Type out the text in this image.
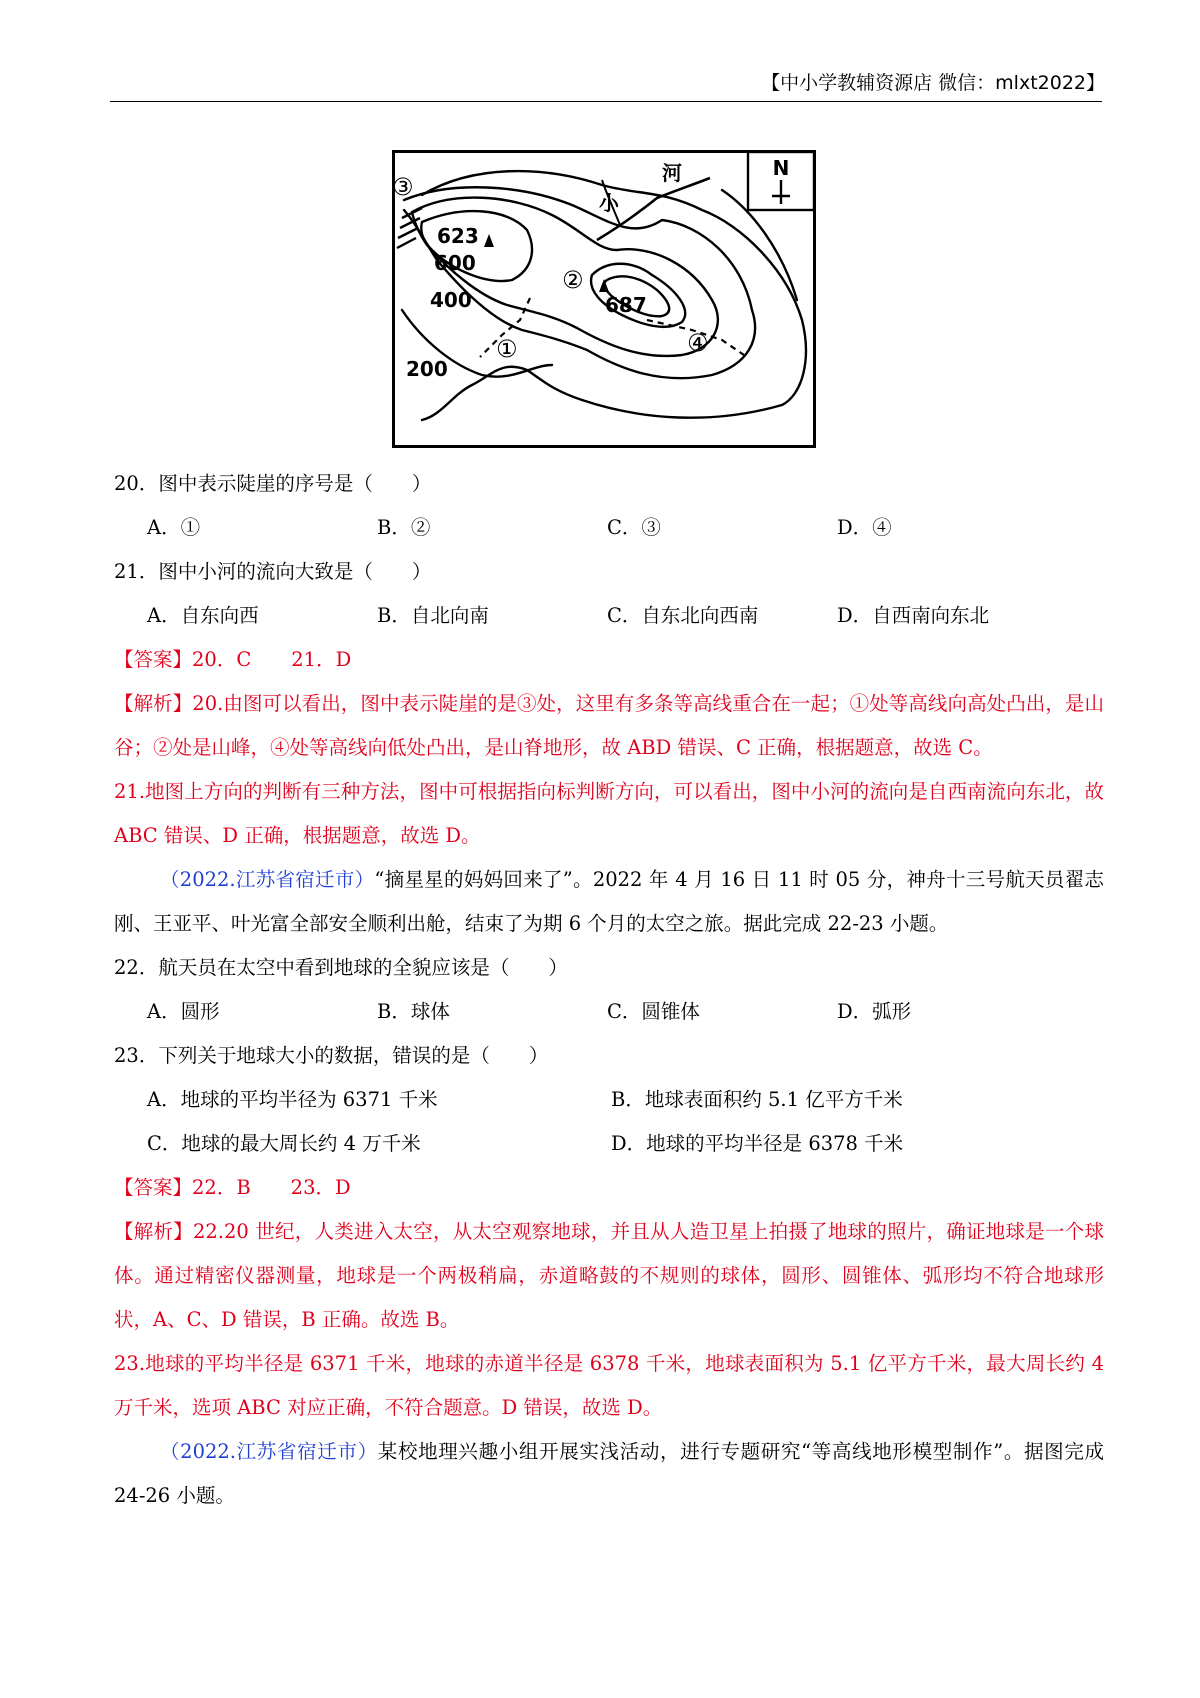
【中小学教辅资源店 微信：mlxt2022】
N
623
600
400	687
200
小
河
①
②
③
④
20．图中表示陡崖的序号是（　　）
A．①	B．②	C．③	D．④
21．图中小河的流向大致是（　　）
A．自东向西	B．自北向南	C．自东北向西南	D．自西南向东北
【答案】20．C 21．D
【解析】20.由图可以看出，图中表示陡崖的是③处，这里有多条等高线重合在一起；①处等高线向高处凸出，是山谷；②处是山峰，④处等高线向低处凸出，是山脊地形，故 ABD 错误、C 正确，根据题意，故选 C。
21.地图上方向的判断有三种方法，图中可根据指向标判断方向，可以看出，图中小河的流向是自西南流向东北，故 ABC 错误、D 正确，根据题意，故选 D。
（2022.江苏省宿迁市）“摘星星的妈妈回来了”。2022 年 4 月 16 日 11 时 05 分，神舟十三号航天员翟志刚、王亚平、叶光富全部安全顺利出舱，结束了为期 6 个月的太空之旅。据此完成 22-23 小题。
22．航天员在太空中看到地球的全貌应该是（　　）
A．圆形	B．球体	C．圆锥体	D．弧形
23．下列关于地球大小的数据，错误的是（　　）
A．地球的平均半径为 6371 千米	B．地球表面积约 5.1 亿平方千米
C．地球的最大周长约 4 万千米	D．地球的平均半径是 6378 千米
【答案】22．B 23．D
【解析】22.20 世纪，人类进入太空，从太空观察地球，并且从人造卫星上拍摄了地球的照片，确证地球是一个球体。通过精密仪器测量，地球是一个两极稍扁，赤道略鼓的不规则的球体，圆形、圆锥体、弧形均不符合地球形状，A、C、D 错误，B 正确。故选 B。
23.地球的平均半径是 6371 千米，地球的赤道半径是 6378 千米，地球表面积为 5.1 亿平方千米，最大周长约 4 万千米，选项 ABC 对应正确，不符合题意。D 错误，故选 D。
（2022.江苏省宿迁市）某校地理兴趣小组开展实浅活动，进行专题研究“等高线地形模型制作”。据图完成 24-26 小题。
